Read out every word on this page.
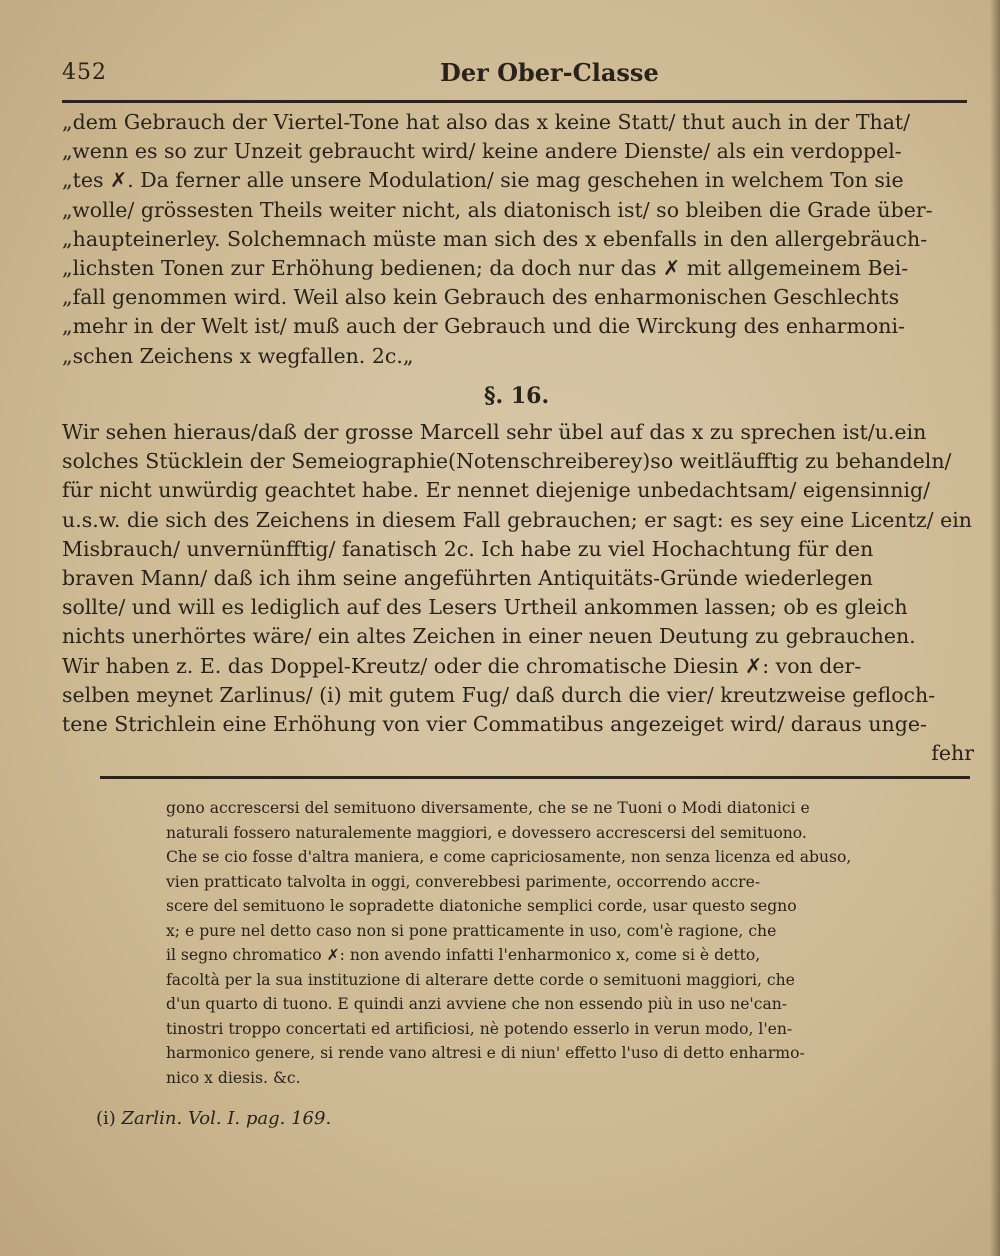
452	Der Ober-Classe
„dem Gebrauch der Viertel-Tone hat also das x keine Statt/ thut auch in der That/
„wenn es so zur Unzeit gebraucht wird/ keine andere Dienste/ als ein verdoppel-
„tes ✗. Da ferner alle unsere Modulation/ sie mag geschehen in welchem Ton sie
„wolle/ grössesten Theils weiter nicht, als diatonisch ist/ so bleiben die Grade über-
„haupteinerley. Solchemnach müste man sich des x ebenfalls in den allergebräuch-
„lichsten Tonen zur Erhöhung bedienen; da doch nur das ✗ mit allgemeinem Bei-
„fall genommen wird. Weil also kein Gebrauch des enharmonischen Geschlechts
„mehr in der Welt ist/ muß auch der Gebrauch und die Wirckung des enharmoni-
„schen Zeichens x wegfallen. 2c.„
§. 16.
Wir sehen hieraus/daß der grosse Marcell sehr übel auf das x zu sprechen ist/u.ein
solches Stücklein der Semeiographie(Notenschreiberey)so weitläufftig zu behandeln/
für nicht unwürdig geachtet habe. Er nennet diejenige unbedachtsam/ eigensinnig/
u.s.w. die sich des Zeichens in diesem Fall gebrauchen; er sagt: es sey eine Licentz/ ein
Misbrauch/ unvernünfftig/ fanatisch 2c. Ich habe zu viel Hochachtung für den
braven Mann/ daß ich ihm seine angeführten Antiquitäts-Gründe wiederlegen
sollte/ und will es lediglich auf des Lesers Urtheil ankommen lassen; ob es gleich
nichts unerhörtes wäre/ ein altes Zeichen in einer neuen Deutung zu gebrauchen.
Wir haben z. E. das Doppel-Kreutz/ oder die chromatische Diesin ✗: von der-
selben meynet Zarlinus/ (i) mit gutem Fug/ daß durch die vier/ kreutzweise gefloch-
tene Strichlein eine Erhöhung von vier Commatibus angezeiget wird/ daraus unge-
fehr
gono accrescersi del semituono diversamente, che se ne Tuoni o Modi diatonici e
naturali fossero naturalemente maggiori, e dovessero accrescersi del semituono.
Che se cio fosse d'altra maniera, e come capriciosamente, non senza licenza ed abuso,
vien pratticato talvolta in oggi, converebbesi parimente, occorrendo accre-
scere del semituono le sopradette diatoniche semplici corde, usar questo segno
x; e pure nel detto caso non si pone pratticamente in uso, com'è ragione, che
il segno chromatico ✗: non avendo infatti l'enharmonico x, come si è detto,
facoltà per la sua instituzione di alterare dette corde o semituoni maggiori, che
d'un quarto di tuono. E quindi anzi avviene che non essendo più in uso ne'can-
tinostri troppo concertati ed artificiosi, nè potendo esserlo in verun modo, l'en-
harmonico genere, si rende vano altresi e di niun' effetto l'uso di detto enharmo-
nico x diesis. &c.
(i) Zarlin. Vol. I. pag. 169.
